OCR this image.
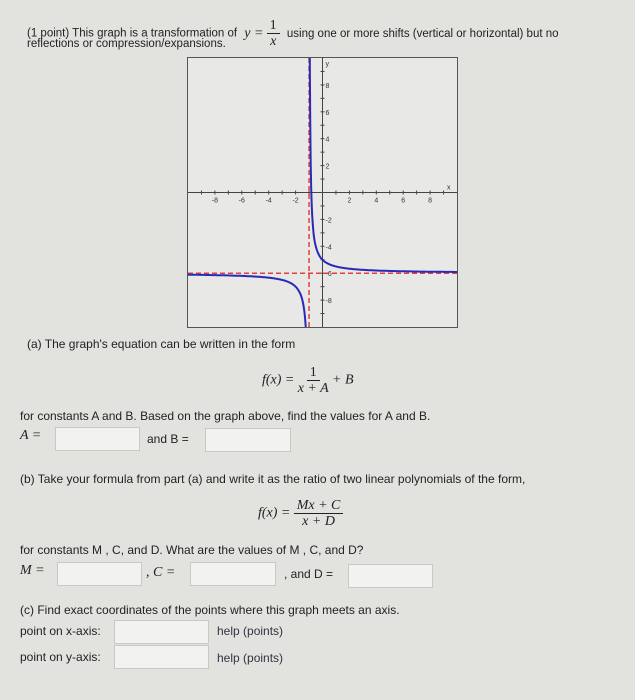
(1 point) This graph is a transformation of $y = \frac{1}{x}$ using one or more shifts (vertical or horizontal) but no
reflections or compression/expansions.
-8	-6	-4	-2	2	4	6	8
8
6
4
2
-2
-4
-6
-8
x
y
(a) The graph's equation can be written in the form
$f(x) = \frac{1}{x + A} + B$
for constants A and B. Based on the graph above, find the values for A and B.
A =	and B =
(b) Take your formula from part (a) and write it as the ratio of two linear polynomials of the form,
$f(x) = \frac{Mx + C}{x + D}$
for constants M , C, and D. What are the values of M , C, and D?
M =	, C =	, and D =
(c) Find exact coordinates of the points where this graph meets an axis.
point on x-axis:	help (points)
point on y-axis:	help (points)
